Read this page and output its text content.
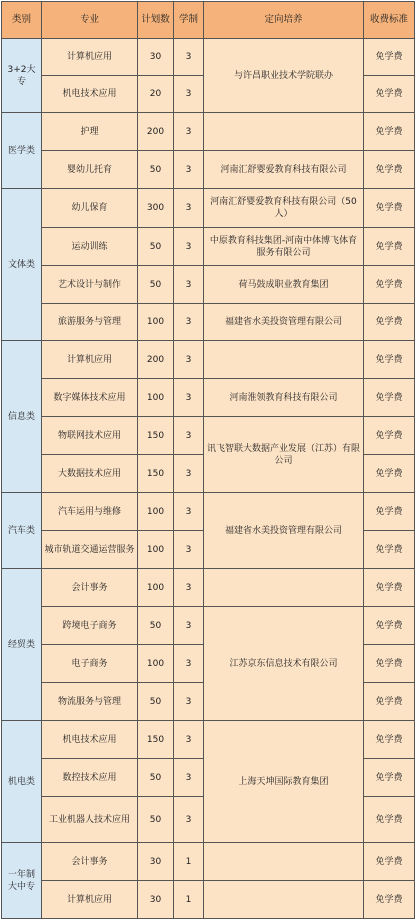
类别	专业	计划数	学制	定向培养	收费标准
3+2大专	计算机应用	30	3	与许昌职业技术学院联办	免学费
	机电技术应用	20	3		免学费
医学类	护理	200	3		免学费
	婴幼儿托育	50	3	河南汇舒婴爱教育科技有限公司	免学费
文体类	幼儿保育	300	3	河南汇舒婴爱教育科技有限公司（50人）	免学费
	运动训练	50	3	中原教育科技集团-河南中体博飞体育服务有限公司	免学费
	艺术设计与制作	50	3	荷马鼓成职业教育集团	免学费
	旅游服务与管理	100	3	福建省水美投资管理有限公司	免学费
信息类	计算机应用	200	3		免学费
	数字媒体技术应用	100	3	河南淮领教育科技有限公司	免学费
	物联网技术应用	150	3	讯飞智联大数据产业发展（江苏）有限公司	免学费
	大数据技术应用	150	3		免学费
汽车类	汽车运用与维修	100	3	福建省水美投资管理有限公司	免学费
	城市轨道交通运营服务	100	3		免学费
经贸类	会计事务	100	3		免学费
	跨境电子商务	50	3	江苏京东信息技术有限公司	免学费
	电子商务	100	3		免学费
	物流服务与管理	50	3		免学费
机电类	机电技术应用	150	3	上海天坤国际教育集团	免学费
	数控技术应用	50	3		免学费
	工业机器人技术应用	50	3		免学费
一年制大中专	会计事务	30	1		免学费
	计算机应用	30	1		免学费
